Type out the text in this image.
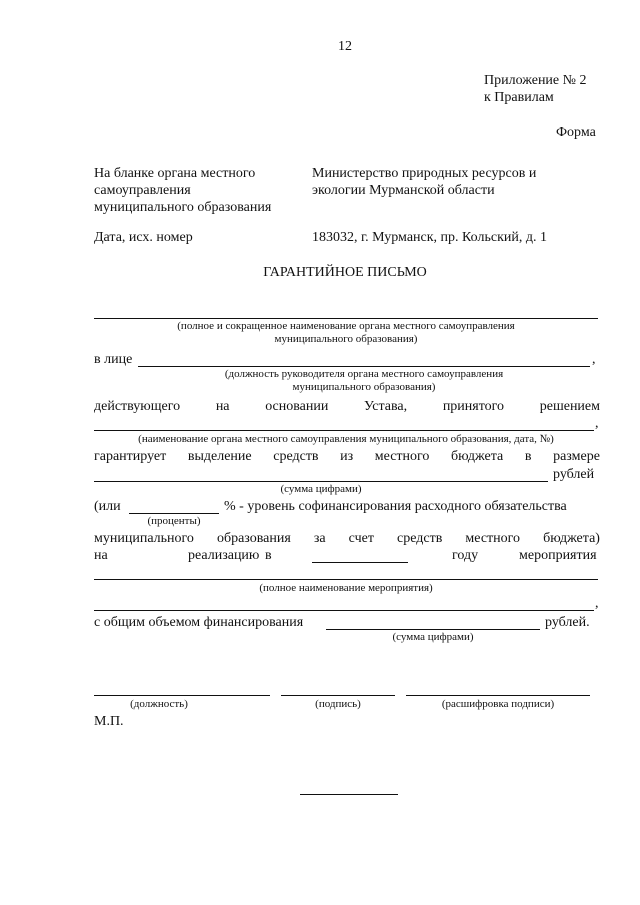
12
Приложение № 2
к Правилам
Форма
На бланке органа местного
самоуправления
муниципального образования
Дата, исх. номер
Министерство природных ресурсов и
экологии Мурманской области
183032, г. Мурманск, пр. Кольский, д. 1
ГАРАНТИЙНОЕ ПИСЬМО
(полное и сокращенное наименование органа местного самоуправления
муниципального образования)
в лице	,
(должность руководителя органа местного самоуправления
муниципального образования)
действующего	на	основании	Устава,	принятого	решением
,
(наименование органа местного самоуправления муниципального образования, дата, №)
гарантирует выделение средств из местного бюджета в размере
рублей
(сумма цифрами)
(или	% - уровень софинансирования расходного обязательства
(проценты)
муниципального образования за счет средств местного бюджета)
на	реализацию в	году	мероприятия
(полное наименование мероприятия)
,
с общим объемом финансирования	рублей.
(сумма цифрами)
(должность)	(подпись)	(расшифровка подписи)
М.П.
